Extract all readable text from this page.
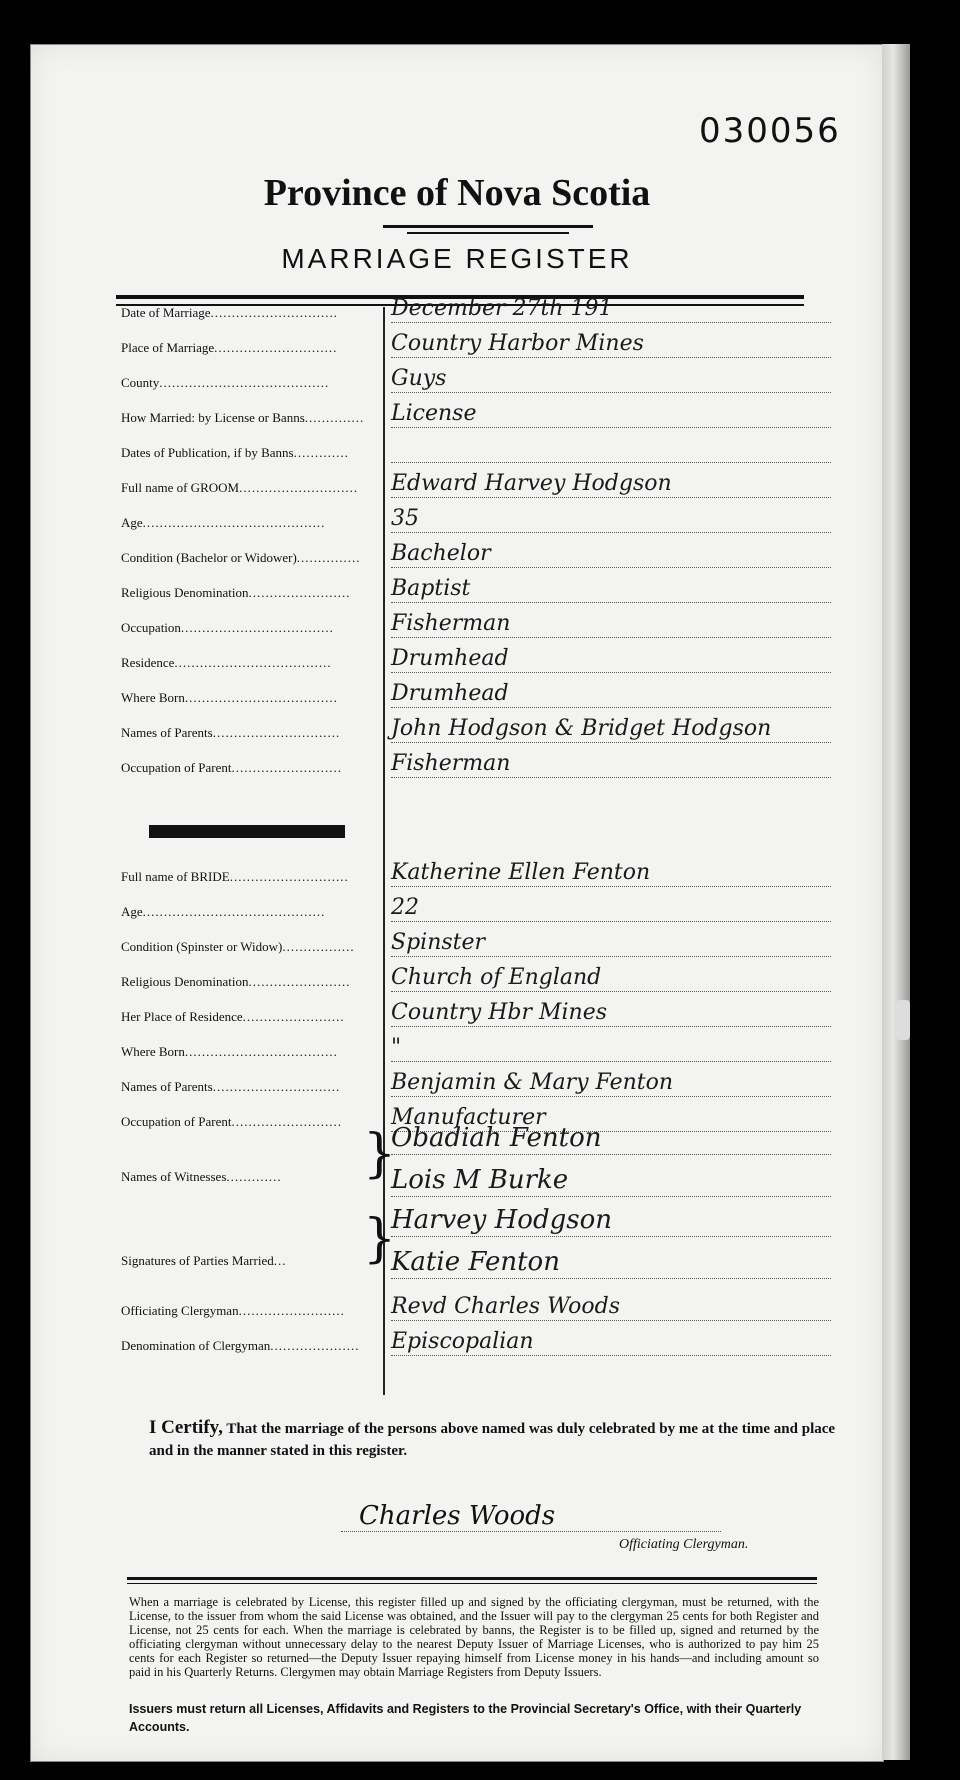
030056
Province of Nova Scotia
MARRIAGE REGISTER
Date of Marriage.............................. December 27th 191
Place of Marriage............................. Country Harbor Mines
County........................................	Guys
How Married: by License or Banns.............. License
Dates of Publication, if by Banns.............
Full name of GROOM............................ Edward Harvey Hodgson
Age...........................................	35
Condition (Bachelor or Widower)............... Bachelor
Religious Denomination........................ Baptist
Occupation....................................	Fisherman
Residence.....................................	Drumhead
Where Born.................................... Drumhead
Names of Parents.............................. John Hodgson & Bridget Hodgson
Occupation of Parent.......................... Fisherman
Full name of BRIDE............................ Katherine Ellen Fenton
Age...........................................	22
Condition (Spinster or Widow)................. Spinster
Religious Denomination........................ Church of England
Her Place of Residence........................ Country Hbr Mines
Where Born.................................... "
Names of Parents.............................. Benjamin & Mary Fenton
Occupation of Parent.......................... Manufacturer
Names of Witnesses............. }
Obadiah Fenton
Lois M Burke
Signatures of Parties Married... }
Harvey Hodgson
Katie Fenton
Officiating Clergyman......................... Revd Charles Woods
Denomination of Clergyman..................... Episcopalian
I Certify, That the marriage of the persons above named was duly celebrated by me at the time and place and in the manner stated in this register.
Charles Woods
Officiating Clergyman.
When a marriage is celebrated by License, this register filled up and signed by the officiating clergyman, must be returned, with the License, to the issuer from whom the said License was obtained, and the Issuer will pay to the clergyman 25 cents for both Register and License, not 25 cents for each. When the marriage is celebrated by banns, the Register is to be filled up, signed and returned by the officiating clergyman without unnecessary delay to the nearest Deputy Issuer of Marriage Licenses, who is authorized to pay him 25 cents for each Register so returned—the Deputy Issuer repaying himself from License money in his hands—and including amount so paid in his Quarterly Returns. Clergymen may obtain Marriage Registers from Deputy Issuers.
Issuers must return all Licenses, Affidavits and Registers to the Provincial Secretary's Office, with their Quarterly Accounts.
